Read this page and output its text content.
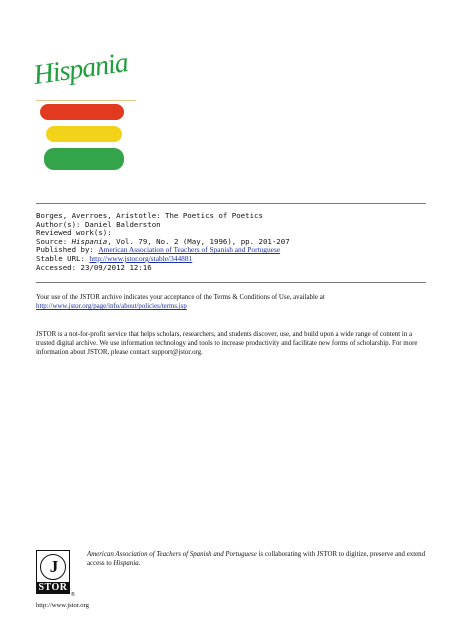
Hispania
Borges, Averroes, Aristotle: The Poetics of Poetics
Author(s): Daniel Balderston
Reviewed work(s):
Source: Hispania, Vol. 79, No. 2 (May, 1996), pp. 201-207
Published by: American Association of Teachers of Spanish and Portuguese
Stable URL: http://www.jstor.org/stable/344881
Accessed: 23/09/2012 12:16
Your use of the JSTOR archive indicates your acceptance of the Terms & Conditions of Use, available at
http://www.jstor.org/page/info/about/policies/terms.jsp
JSTOR is a not-for-profit service that helps scholars, researchers, and students discover, use, and build upon a wide range of content in a trusted digital archive. We use information technology and tools to increase productivity and facilitate new forms of scholarship. For more information about JSTOR, please contact support@jstor.org.
J
STOR
®
http://www.jstor.org
American Association of Teachers of Spanish and Portuguese is collaborating with JSTOR to digitize, preserve and extend access to Hispania.
